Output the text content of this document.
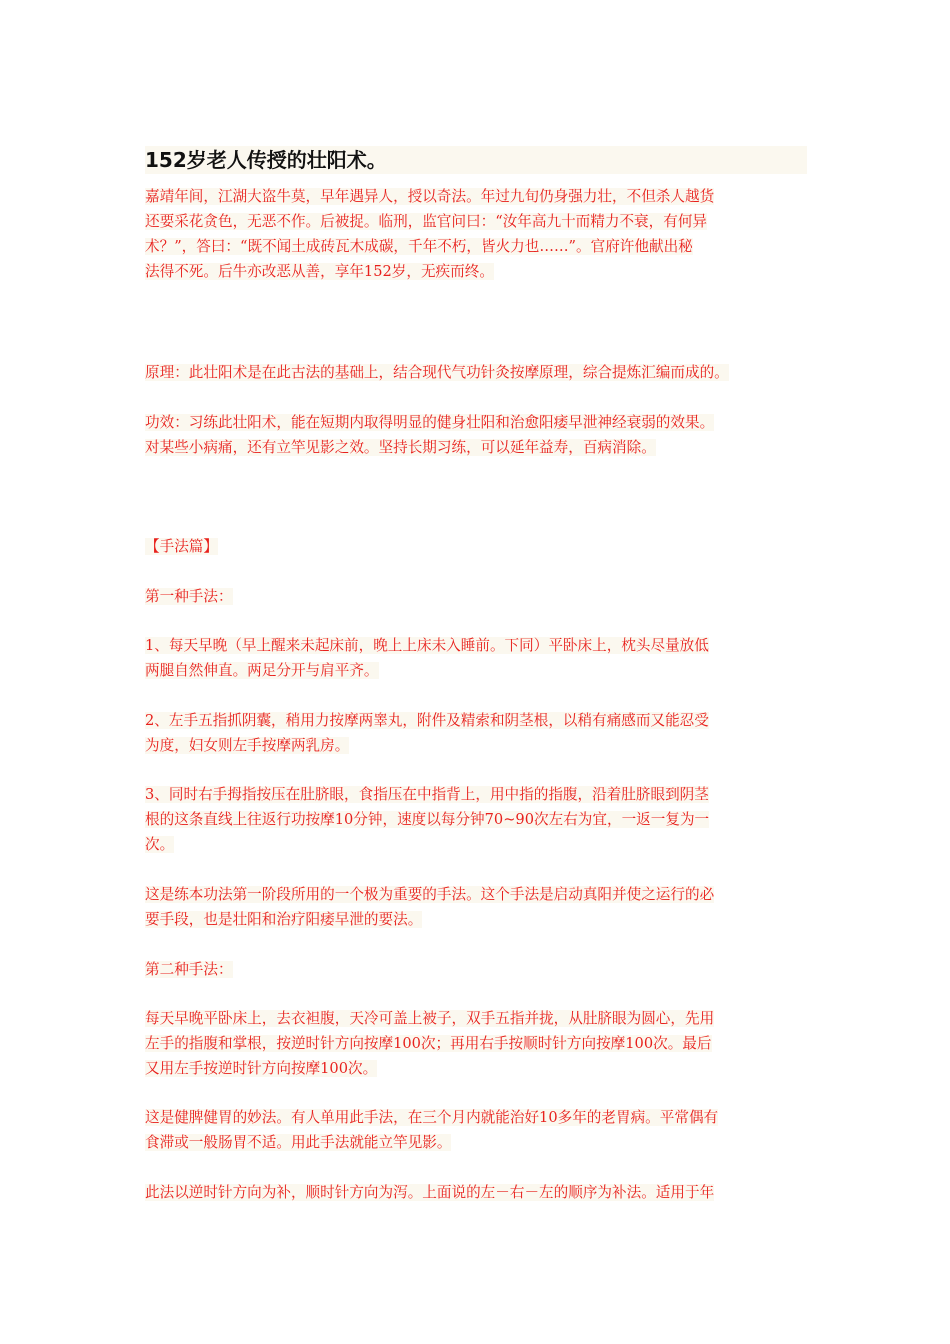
152岁老人传授的壮阳术。
嘉靖年间，江湖大盗牛莫，早年遇异人，授以奇法。年过九旬仍身强力壮，不但杀人越货
还要采花贪色，无恶不作。后被捉。临刑，监官问曰：“汝年高九十而精力不衰，有何异
术？”，答曰：“既不闻土成砖瓦木成碳，千年不朽，皆火力也……”。官府许他献出秘
法得不死。后牛亦改恶从善，享年152岁，无疾而终。
原理：此壮阳术是在此古法的基础上，结合现代气功针灸按摩原理，综合提炼汇编而成的。
功效：习练此壮阳术，能在短期内取得明显的健身壮阳和治愈阳痿早泄神经衰弱的效果。
对某些小病痛，还有立竿见影之效。坚持长期习练，可以延年益寿，百病消除。
【手法篇】
第一种手法：
1、每天早晚（早上醒来未起床前，晚上上床未入睡前。下同）平卧床上，枕头尽量放低
两腿自然伸直。两足分开与肩平齐。
2、左手五指抓阴囊，稍用力按摩两睾丸，附件及精索和阴茎根，以稍有痛感而又能忍受
为度，妇女则左手按摩两乳房。
3、同时右手拇指按压在肚脐眼，食指压在中指背上，用中指的指腹，沿着肚脐眼到阴茎
根的这条直线上往返行功按摩10分钟，速度以每分钟70~90次左右为宜，一返一复为一
次。
这是练本功法第一阶段所用的一个极为重要的手法。这个手法是启动真阳并使之运行的必
要手段，也是壮阳和治疗阳痿早泄的要法。
第二种手法：
每天早晚平卧床上，去衣袒腹，天冷可盖上被子，双手五指并拢，从肚脐眼为圆心，先用
左手的指腹和掌根，按逆时针方向按摩100次；再用右手按顺时针方向按摩100次。最后
又用左手按逆时针方向按摩100次。
这是健脾健胃的妙法。有人单用此手法，在三个月内就能治好10多年的老胃病。平常偶有
食滞或一般肠胃不适。用此手法就能立竿见影。
此法以逆时针方向为补，顺时针方向为泻。上面说的左－右－左的顺序为补法。适用于年
